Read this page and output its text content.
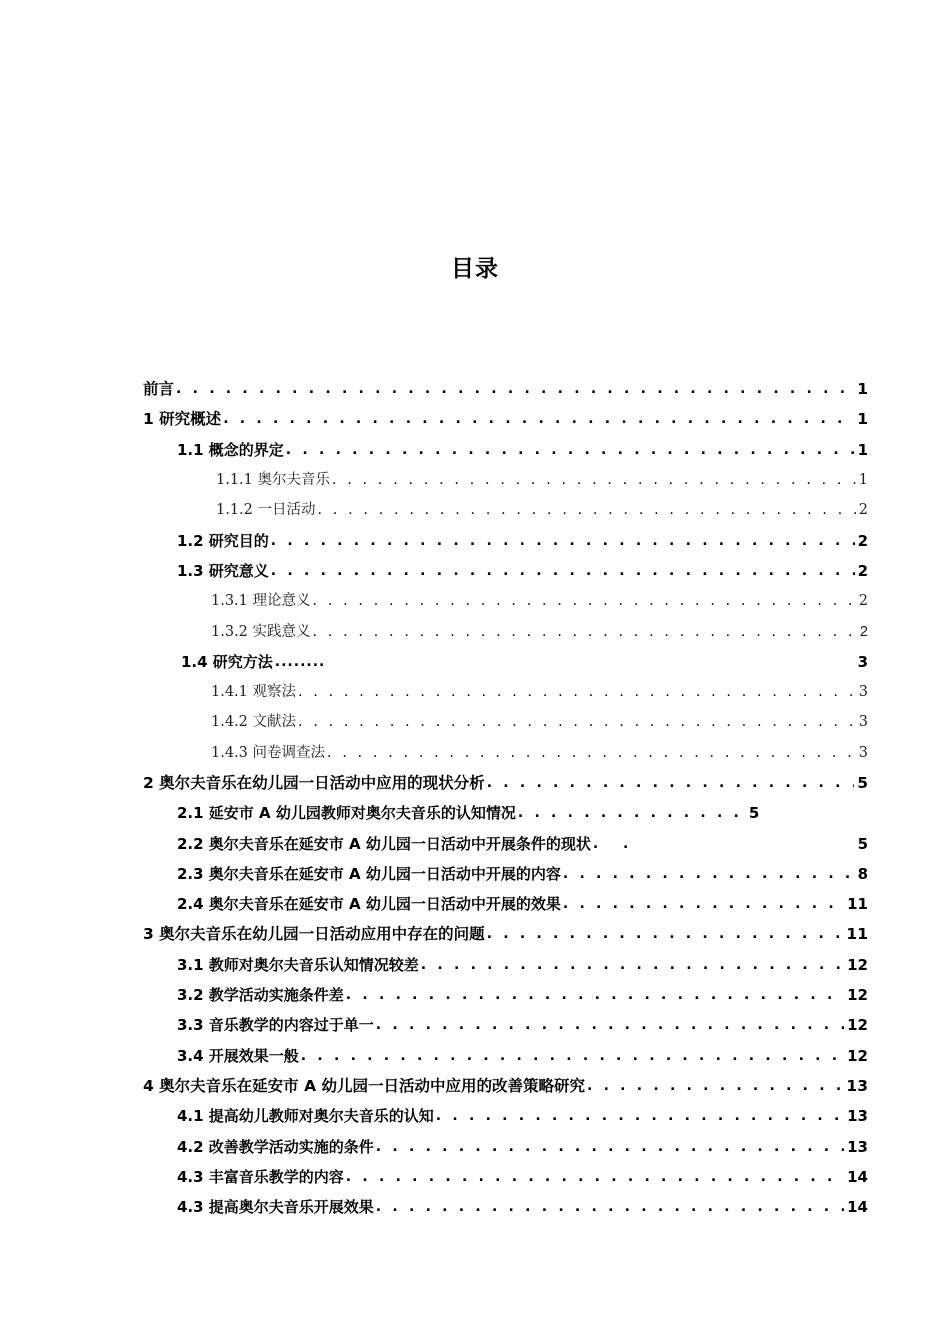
目录
前言 . . .	1
1 研究概述 . . .	1
1.1 概念的界定 . . .	1
1.1.1 奥尔夫音乐 . . .	1
1.1.2 一日活动 . . .	2
1.2 研究目的 . . .	2
1.3 研究意义 . . .	2
1.3.1 理论意义 . . .	2
1.3.2 实践意义 . . .	2
1.4 研究方法 ........	3
1.4.1 观察法 . . .	3
1.4.2 文献法 . . .	3
1.4.3 问卷调查法 . . .	3
2 奥尔夫音乐在幼儿园一日活动中应用的现状分析 . . .	5
2.1 延安市 A 幼儿园教师对奥尔夫音乐的认知情况 . . .	5
2.2 奥尔夫音乐在延安市 A 幼儿园一日活动中开展条件的现状 . .	5
2.3 奥尔夫音乐在延安市 A 幼儿园一日活动中开展的内容 . . .	8
2.4 奥尔夫音乐在延安市 A 幼儿园一日活动中开展的效果 . . .	11
3 奥尔夫音乐在幼儿园一日活动应用中存在的问题 . . .	11
3.1 教师对奥尔夫音乐认知情况较差 . . .	12
3.2 教学活动实施条件差 . . .	12
3.3 音乐教学的内容过于单一 . . .	12
3.4 开展效果一般 . . .	12
4 奥尔夫音乐在延安市 A 幼儿园一日活动中应用的改善策略研究 . . .	13
4.1 提高幼儿教师对奥尔夫音乐的认知 . . .	13
4.2 改善教学活动实施的条件 . . .	13
4.3 丰富音乐教学的内容 . . .	14
4.3 提高奥尔夫音乐开展效果 . . .	14
